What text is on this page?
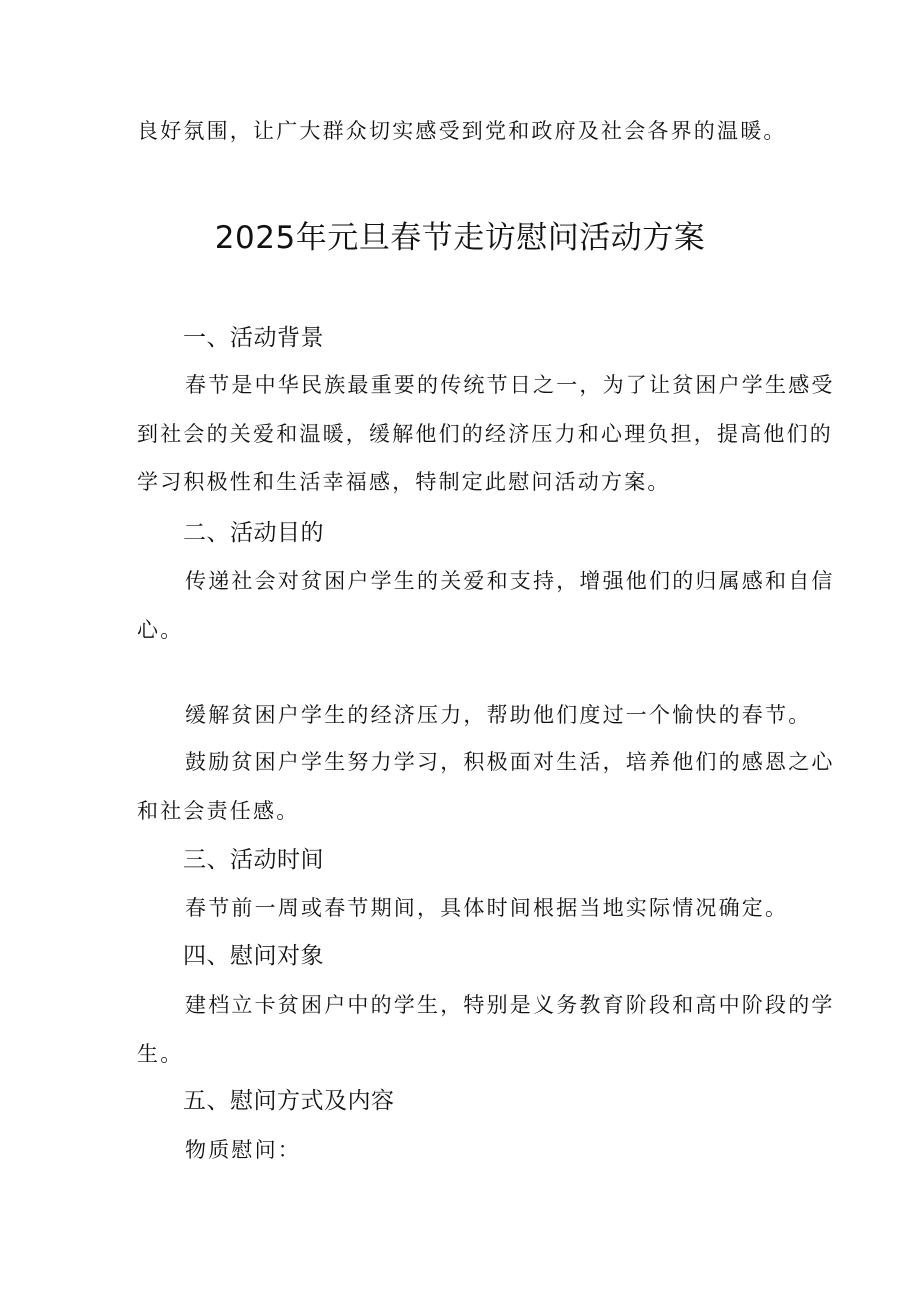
良好氛围，让广大群众切实感受到党和政府及社会各界的温暖。
2025年元旦春节走访慰问活动方案
一、活动背景
春节是中华民族最重要的传统节日之一，为了让贫困户学生感受
到社会的关爱和温暖，缓解他们的经济压力和心理负担，提高他们的
学习积极性和生活幸福感，特制定此慰问活动方案。
二、活动目的
传递社会对贫困户学生的关爱和支持，增强他们的归属感和自信
心。
缓解贫困户学生的经济压力，帮助他们度过一个愉快的春节。
鼓励贫困户学生努力学习，积极面对生活，培养他们的感恩之心
和社会责任感。
三、活动时间
春节前一周或春节期间，具体时间根据当地实际情况确定。
四、慰问对象
建档立卡贫困户中的学生，特别是义务教育阶段和高中阶段的学
生。
五、慰问方式及内容
物质慰问：
